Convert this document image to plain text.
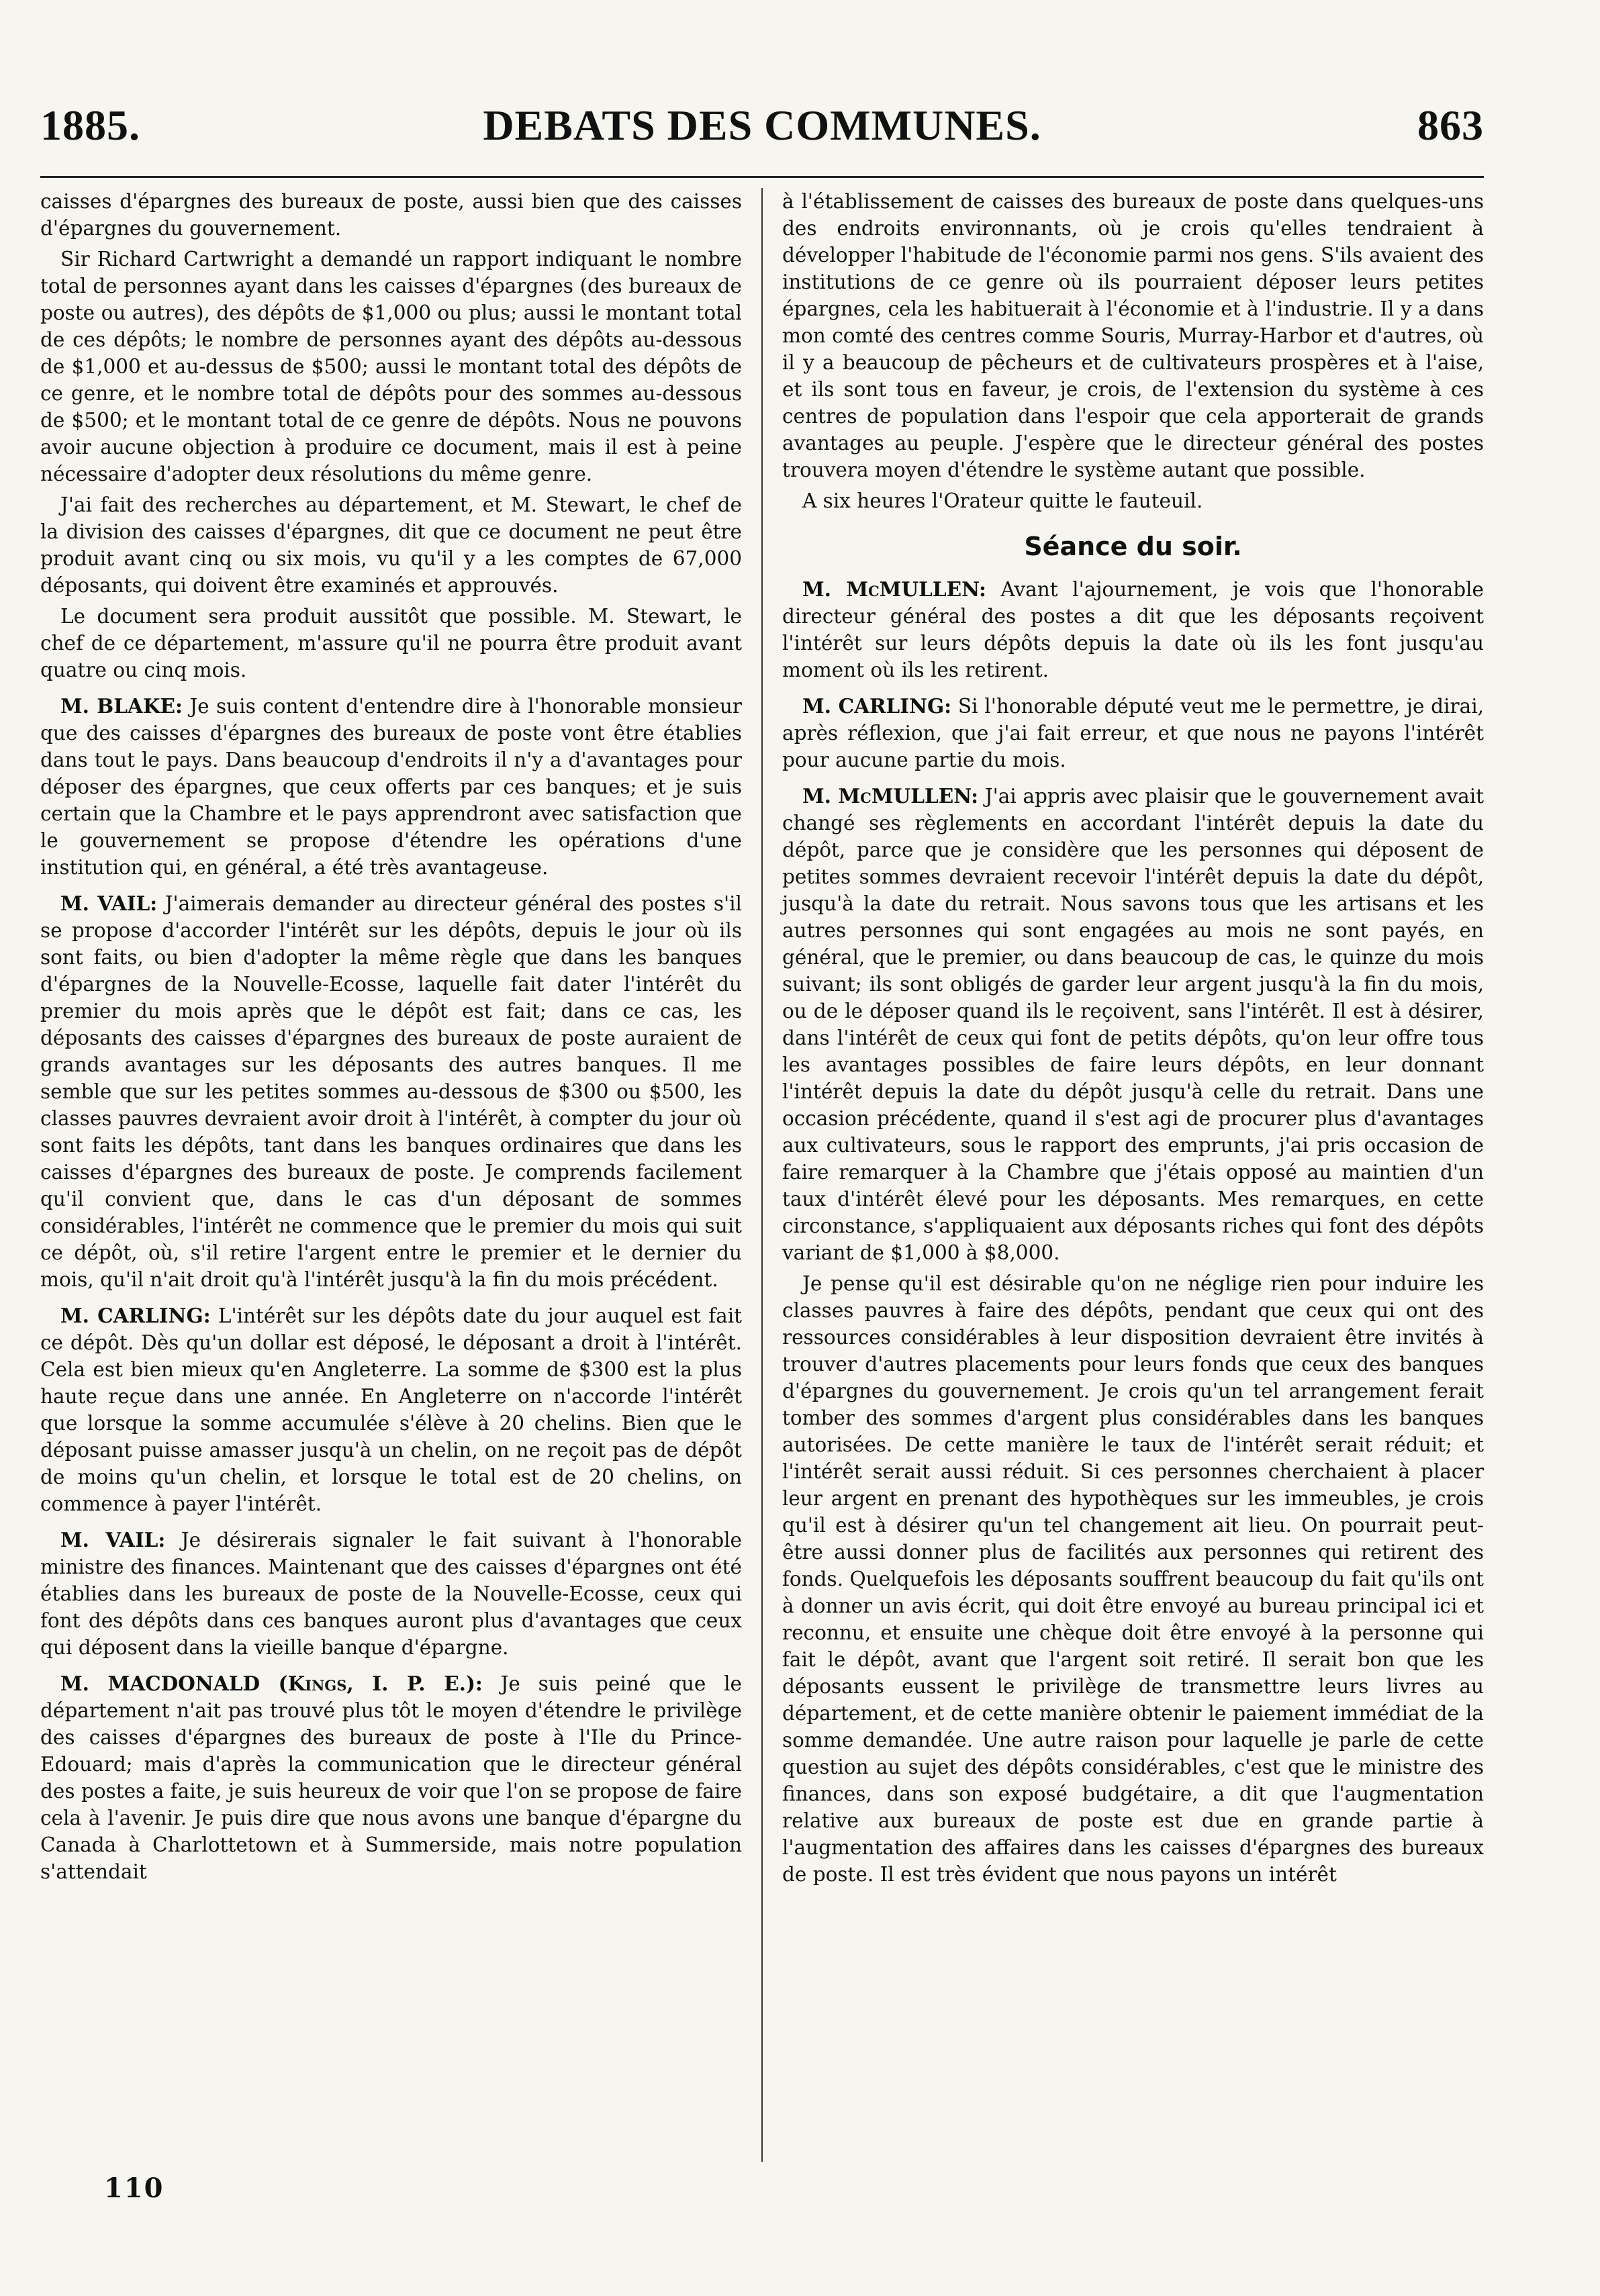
DEBATS DES COMMUNES.
1885.	863

caisses d'épargnes des bureaux de poste, aussi bien que des caisses d'épargnes du gouvernement.

Sir Richard Cartwright a demandé un rapport indiquant le nombre total de personnes ayant dans les caisses d'épargnes (des bureaux de poste ou autres), des dépôts de $1,000 ou plus; aussi le montant total de ces dépôts; le nombre de personnes ayant des dépôts au-dessous de $1,000 et au-dessus de $500; aussi le montant total des dépôts de ce genre, et le nombre total de dépôts pour des sommes au-dessous de $500; et le montant total de ce genre de dépôts. Nous ne pouvons avoir aucune objection à produire ce document, mais il est à peine nécessaire d'adopter deux résolutions du même genre.

J'ai fait des recherches au département, et M. Stewart, le chef de la division des caisses d'épargnes, dit que ce document ne peut être produit avant cinq ou six mois, vu qu'il y a les comptes de 67,000 déposants, qui doivent être examinés et approuvés.

Le document sera produit aussitôt que possible. M. Stewart, le chef de ce département, m'assure qu'il ne pourra être produit avant quatre ou cinq mois.

M. BLAKE: Je suis content d'entendre dire à l'honorable monsieur que des caisses d'épargnes des bureaux de poste vont être établies dans tout le pays. Dans beaucoup d'endroits il n'y a d'avantages pour déposer des épargnes, que ceux offerts par ces banques; et je suis certain que la Chambre et le pays apprendront avec satisfaction que le gouvernement se propose d'étendre les opérations d'une institution qui, en général, a été très avantageuse.

M. VAIL: J'aimerais demander au directeur général des postes s'il se propose d'accorder l'intérêt sur les dépôts, depuis le jour où ils sont faits, ou bien d'adopter la même règle que dans les banques d'épargnes de la Nouvelle-Ecosse, laquelle fait dater l'intérêt du premier du mois après que le dépôt est fait; dans ce cas, les déposants des caisses d'épargnes des bureaux de poste auraient de grands avantages sur les déposants des autres banques. Il me semble que sur les petites sommes au-dessous de $300 ou $500, les classes pauvres devraient avoir droit à l'intérêt, à compter du jour où sont faits les dépôts, tant dans les banques ordinaires que dans les caisses d'épargnes des bureaux de poste. Je comprends facilement qu'il convient que, dans le cas d'un déposant de sommes considérables, l'intérêt ne commence que le premier du mois qui suit ce dépôt, où, s'il retire l'argent entre le premier et le dernier du mois, qu'il n'ait droit qu'à l'intérêt jusqu'à la fin du mois précédent.

M. CARLING: L'intérêt sur les dépôts date du jour auquel est fait ce dépôt. Dès qu'un dollar est déposé, le déposant a droit à l'intérêt. Cela est bien mieux qu'en Angleterre. La somme de $300 est la plus haute reçue dans une année. En Angleterre on n'accorde l'intérêt que lorsque la somme accumulée s'élève à 20 chelins. Bien que le déposant puisse amasser jusqu'à un chelin, on ne reçoit pas de dépôt de moins qu'un chelin, et lorsque le total est de 20 chelins, on commence à payer l'intérêt.

M. VAIL: Je désirerais signaler le fait suivant à l'honorable ministre des finances. Maintenant que des caisses d'épargnes ont été établies dans les bureaux de poste de la Nouvelle-Ecosse, ceux qui font des dépôts dans ces banques auront plus d'avantages que ceux qui déposent dans la vieille banque d'épargne.

M. MACDONALD (Kings, I. P. E.): Je suis peiné que le département n'ait pas trouvé plus tôt le moyen d'étendre le privilège des caisses d'épargnes des bureaux de poste à l'Ile du Prince-Edouard; mais d'après la communication que le directeur général des postes a faite, je suis heureux de voir que l'on se propose de faire cela à l'avenir. Je puis dire que nous avons une banque d'épargne du Canada à Charlottetown et à Summerside, mais notre population s'attendait

à l'établissement de caisses des bureaux de poste dans quelques-uns des endroits environnants, où je crois qu'elles tendraient à développer l'habitude de l'économie parmi nos gens. S'ils avaient des institutions de ce genre où ils pourraient déposer leurs petites épargnes, cela les habituerait à l'économie et à l'industrie. Il y a dans mon comté des centres comme Souris, Murray-Harbor et d'autres, où il y a beaucoup de pêcheurs et de cultivateurs prospères et à l'aise, et ils sont tous en faveur, je crois, de l'extension du système à ces centres de population dans l'espoir que cela apporterait de grands avantages au peuple. J'espère que le directeur général des postes trouvera moyen d'étendre le système autant que possible.

A six heures l'Orateur quitte le fauteuil.

Séance du soir.

M. McMULLEN: Avant l'ajournement, je vois que l'honorable directeur général des postes a dit que les déposants reçoivent l'intérêt sur leurs dépôts depuis la date où ils les font jusqu'au moment où ils les retirent.

M. CARLING: Si l'honorable député veut me le permettre, je dirai, après réflexion, que j'ai fait erreur, et que nous ne payons l'intérêt pour aucune partie du mois.

M. McMULLEN: J'ai appris avec plaisir que le gouvernement avait changé ses règlements en accordant l'intérêt depuis la date du dépôt, parce que je considère que les personnes qui déposent de petites sommes devraient recevoir l'intérêt depuis la date du dépôt, jusqu'à la date du retrait. Nous savons tous que les artisans et les autres personnes qui sont engagées au mois ne sont payés, en général, que le premier, ou dans beaucoup de cas, le quinze du mois suivant; ils sont obligés de garder leur argent jusqu'à la fin du mois, ou de le déposer quand ils le reçoivent, sans l'intérêt. Il est à désirer, dans l'intérêt de ceux qui font de petits dépôts, qu'on leur offre tous les avantages possibles de faire leurs dépôts, en leur donnant l'intérêt depuis la date du dépôt jusqu'à celle du retrait. Dans une occasion précédente, quand il s'est agi de procurer plus d'avantages aux cultivateurs, sous le rapport des emprunts, j'ai pris occasion de faire remarquer à la Chambre que j'étais opposé au maintien d'un taux d'intérêt élevé pour les déposants. Mes remarques, en cette circonstance, s'appliquaient aux déposants riches qui font des dépôts variant de $1,000 à $8,000.

Je pense qu'il est désirable qu'on ne néglige rien pour induire les classes pauvres à faire des dépôts, pendant que ceux qui ont des ressources considérables à leur disposition devraient être invités à trouver d'autres placements pour leurs fonds que ceux des banques d'épargnes du gouvernement. Je crois qu'un tel arrangement ferait tomber des sommes d'argent plus considérables dans les banques autorisées. De cette manière le taux de l'intérêt serait réduit; et l'intérêt serait aussi réduit. Si ces personnes cherchaient à placer leur argent en prenant des hypothèques sur les immeubles, je crois qu'il est à désirer qu'un tel changement ait lieu. On pourrait peut-être aussi donner plus de facilités aux personnes qui retirent des fonds. Quelquefois les déposants souffrent beaucoup du fait qu'ils ont à donner un avis écrit, qui doit être envoyé au bureau principal ici et reconnu, et ensuite une chèque doit être envoyé à la personne qui fait le dépôt, avant que l'argent soit retiré. Il serait bon que les déposants eussent le privilège de transmettre leurs livres au département, et de cette manière obtenir le paiement immédiat de la somme demandée. Une autre raison pour laquelle je parle de cette question au sujet des dépôts considérables, c'est que le ministre des finances, dans son exposé budgétaire, a dit que l'augmentation relative aux bureaux de poste est due en grande partie à l'augmentation des affaires dans les caisses d'épargnes des bureaux de poste. Il est très évident que nous payons un intérêt

110
